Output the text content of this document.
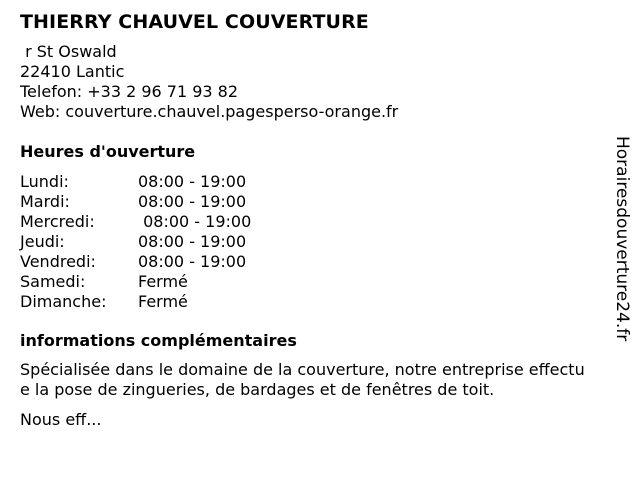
THIERRY CHAUVEL COUVERTURE
r St Oswald
22410 Lantic
Telefon: +33 2 96 71 93 82
Web: couverture.chauvel.pagesperso-orange.fr
Heures d'ouverture
Lundi:	08:00 - 19:00
Mardi:	08:00 - 19:00
Mercredi:	08:00 - 19:00
Jeudi:	08:00 - 19:00
Vendredi:	08:00 - 19:00
Samedi:	Fermé
Dimanche:	Fermé
informations complémentaires
Spécialisée dans le domaine de la couverture, notre entreprise effectu
e la pose de zingueries, de bardages et de fenêtres de toit.
Nous eff...
Horairesdouverture24.fr
